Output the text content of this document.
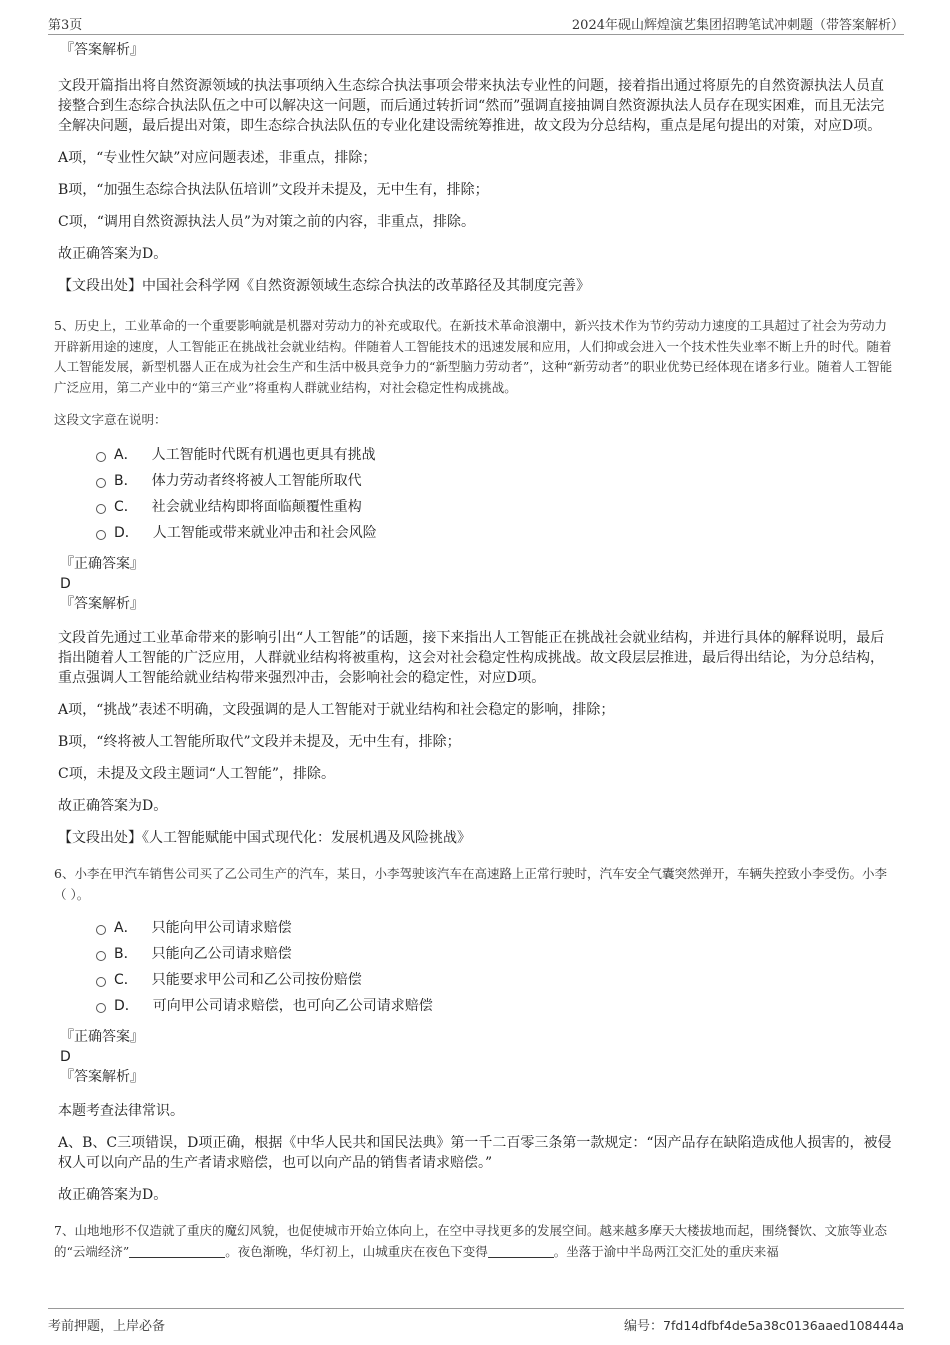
第3页	2024年砚山辉煌演艺集团招聘笔试冲刺题（带答案解析）
『答案解析』
文段开篇指出将自然资源领域的执法事项纳入生态综合执法事项会带来执法专业性的问题，接着指出通过将原先的自然资源执法人员直接整合到生态综合执法队伍之中可以解决这一问题，而后通过转折词“然而”强调直接抽调自然资源执法人员存在现实困难，而且无法完全解决问题，最后提出对策，即生态综合执法队伍的专业化建设需统筹推进，故文段为分总结构，重点是尾句提出的对策，对应D项。
A项，“专业性欠缺”对应问题表述，非重点，排除；
B项，“加强生态综合执法队伍培训”文段并未提及，无中生有，排除；
C项，“调用自然资源执法人员”为对策之前的内容，非重点，排除。
故正确答案为D。
【文段出处】中国社会科学网《自然资源领域生态综合执法的改革路径及其制度完善》
5、历史上，工业革命的一个重要影响就是机器对劳动力的补充或取代。在新技术革命浪潮中，新兴技术作为节约劳动力速度的工具超过了社会为劳动力开辟新用途的速度，人工智能正在挑战社会就业结构。伴随着人工智能技术的迅速发展和应用，人们抑或会进入一个技术性失业率不断上升的时代。随着人工智能发展，新型机器人正在成为社会生产和生活中极具竞争力的“新型脑力劳动者”，这种“新劳动者”的职业优势已经体现在诸多行业。随着人工智能广泛应用，第二产业中的“第三产业”将重构人群就业结构，对社会稳定性构成挑战。
这段文字意在说明：
A． 人工智能时代既有机遇也更具有挑战
B． 体力劳动者终将被人工智能所取代
C． 社会就业结构即将面临颠覆性重构
D． 人工智能或带来就业冲击和社会风险
『正确答案』
D
『答案解析』
文段首先通过工业革命带来的影响引出“人工智能”的话题，接下来指出人工智能正在挑战社会就业结构，并进行具体的解释说明，最后指出随着人工智能的广泛应用，人群就业结构将被重构，这会对社会稳定性构成挑战。故文段层层推进，最后得出结论，为分总结构，重点强调人工智能给就业结构带来强烈冲击，会影响社会的稳定性，对应D项。
A项，“挑战”表述不明确，文段强调的是人工智能对于就业结构和社会稳定的影响，排除；
B项，“终将被人工智能所取代”文段并未提及，无中生有，排除；
C项，未提及文段主题词“人工智能”，排除。
故正确答案为D。
【文段出处】《人工智能赋能中国式现代化：发展机遇及风险挑战》
6、小李在甲汽车销售公司买了乙公司生产的汽车，某日，小李驾驶该汽车在高速路上正常行驶时，汽车安全气囊突然弹开，车辆失控致小李受伤。小李（ ）。
A． 只能向甲公司请求赔偿
B． 只能向乙公司请求赔偿
C． 只能要求甲公司和乙公司按份赔偿
D． 可向甲公司请求赔偿，也可向乙公司请求赔偿
『正确答案』
D
『答案解析』
本题考查法律常识。
A、B、C三项错误，D项正确，根据《中华人民共和国民法典》第一千二百零三条第一款规定：“因产品存在缺陷造成他人损害的，被侵权人可以向产品的生产者请求赔偿，也可以向产品的销售者请求赔偿。”
故正确答案为D。
7、山地地形不仅造就了重庆的魔幻风貌，也促使城市开始立体向上，在空中寻找更多的发展空间。越来越多摩天大楼拔地而起，围绕餐饮、文旅等业态的“云端经济”	。夜色渐晚，华灯初上，山城重庆在夜色下变得	。坐落于渝中半岛两江交汇处的重庆来福
考前押题，上岸必备	编号：7fd14dfbf4de5a38c0136aaed108444a
